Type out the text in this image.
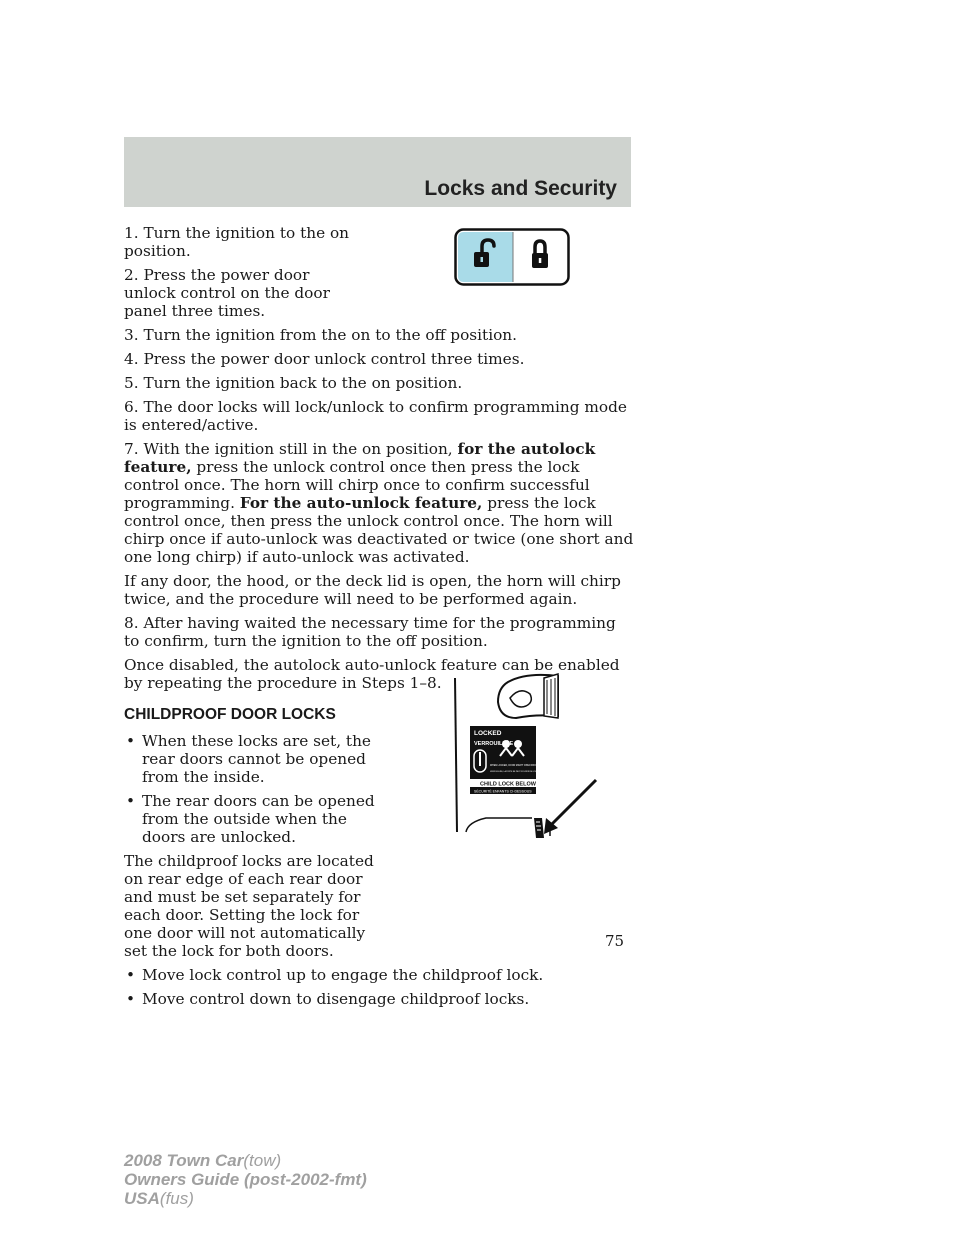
Locks and Security
LOCKED
VERROUILLÉE
WHEN LOCKED, DOOR MIGHT OPEN FROM INSIDE
VERROUILLÉE, LA PORTE NE PEUT S'OUVRIR DE L'INTÉRIEUR
CHILD LOCK BELOW
SÉCURITÉ ENFANTS CI-DESSOUS

1. Turn the ignition to the on position.

2. Press the power door unlock control on the door panel three times.

3. Turn the ignition from the on to the off position.

4. Press the power door unlock control three times.

5. Turn the ignition back to the on position.

6. The door locks will lock/unlock to confirm programming mode is entered/active.

7. With the ignition still in the on position, for the autolock feature, press the unlock control once then press the lock control once. The horn will chirp once to confirm successful programming. For the auto-unlock feature, press the lock control once, then press the unlock control once. The horn will chirp once if auto-unlock was deactivated or twice (one short and one long chirp) if auto-unlock was activated.

If any door, the hood, or the deck lid is open, the horn will chirp twice, and the procedure will need to be performed again.

8. After having waited the necessary time for the programming to confirm, turn the ignition to the off position.

Once disabled, the autolock auto-unlock feature can be enabled by repeating the procedure in Steps 1–8.

CHILDPROOF DOOR LOCKS
• When these locks are set, the rear doors cannot be opened from the inside.
• The rear doors can be opened from the outside when the doors are unlocked.

The childproof locks are located on rear edge of each rear door and must be set separately for each door. Setting the lock for one door will not automatically set the lock for both doors.

• Move lock control up to engage the childproof lock.
• Move control down to disengage childproof locks.
75
2008 Town Car(tow)
Owners Guide (post-2002-fmt)
USA(fus)
